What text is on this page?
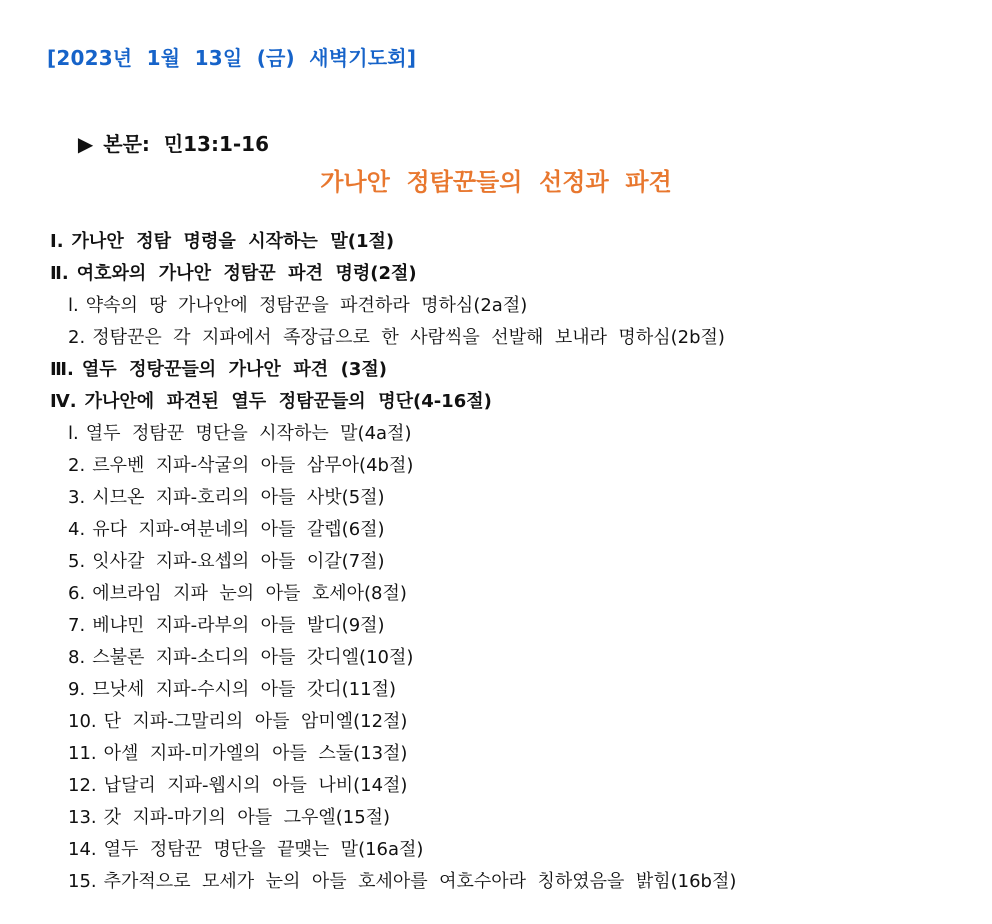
[2023년  1월  13일  (금)  새벽기도회]

▶ 본문:  민13:1-16

가나안  정탐꾼들의  선정과  파견
Ⅰ. 가나안  정탐  명령을  시작하는  말(1절)
Ⅱ. 여호와의  가나안  정탐꾼  파견  명령(2절)
l. 약속의  땅  가나안에  정탐꾼을  파견하라  명하심(2a절)
2. 정탐꾼은  각  지파에서  족장급으로  한  사람씩을  선발해  보내라  명하심(2b절)
Ⅲ. 열두  정탕꾼들의  가나안  파견  (3절)
Ⅳ. 가나안에  파견된  열두  정탐꾼들의  명단(4-16절)
l. 열두  정탐꾼  명단을  시작하는  말(4a절)
2. 르우벤  지파-삭굴의  아들  삼무아(4b절)
3. 시므온  지파-호리의  아들  사밧(5절)
4. 유다  지파-여분네의  아들  갈렙(6절)
5. 잇사갈  지파-요셉의  아들  이갈(7절)
6. 에브라임  지파  눈의  아들  호세아(8절)
7. 베냐민  지파-라부의  아들  발디(9절)
8. 스불론  지파-소디의  아들  갓디엘(10절)
9. 므낫세  지파-수시의  아들  갓디(11절)
10. 단  지파-그말리의  아들  암미엘(12절)
11. 아셀  지파-미가엘의  아들  스둘(13절)
12. 납달리  지파-웹시의  아들  나비(14절)
13. 갓  지파-마기의  아들  그우엘(15절)
14. 열두  정탐꾼  명단을  끝맺는  말(16a절)
15. 추가적으로  모세가  눈의  아들  호세아를  여호수아라  칭하였음을  밝힘(16b절)
